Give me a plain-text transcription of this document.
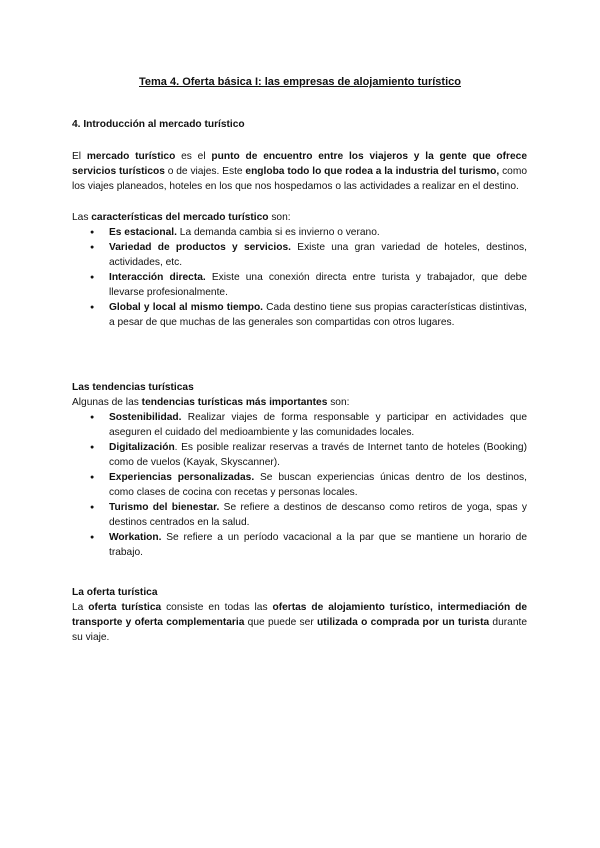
Tema 4. Oferta básica I: las empresas de alojamiento turístico
4. Introducción al mercado turístico

El mercado turístico es el punto de encuentro entre los viajeros y la gente que ofrece servicios turísticos o de viajes. Este engloba todo lo que rodea a la industria del turismo, como los viajes planeados, hoteles en los que nos hospedamos o las actividades a realizar en el destino.

Las características del mercado turístico son:

● Es estacional. La demanda cambia si es invierno o verano.
● Variedad de productos y servicios. Existe una gran variedad de hoteles, destinos, actividades, etc.
● Interacción directa. Existe una conexión directa entre turista y trabajador, que debe llevarse profesionalmente.
● Global y local al mismo tiempo. Cada destino tiene sus propias características distintivas, a pesar de que muchas de las generales son compartidas con otros lugares.
Las tendencias turísticas
Algunas de las tendencias turísticas más importantes son:
● Sostenibilidad. Realizar viajes de forma responsable y participar en actividades que aseguren el cuidado del medioambiente y las comunidades locales.
● Digitalización. Es posible realizar reservas a través de Internet tanto de hoteles (Booking) como de vuelos (Kayak, Skyscanner).
● Experiencias personalizadas. Se buscan experiencias únicas dentro de los destinos, como clases de cocina con recetas y personas locales.
● Turismo del bienestar. Se refiere a destinos de descanso como retiros de yoga, spas y destinos centrados en la salud.
● Workation. Se refiere a un período vacacional a la par que se mantiene un horario de trabajo.
La oferta turística
La oferta turística consiste en todas las ofertas de alojamiento turístico, intermediación de transporte y oferta complementaria que puede ser utilizada o comprada por un turista durante su viaje.
